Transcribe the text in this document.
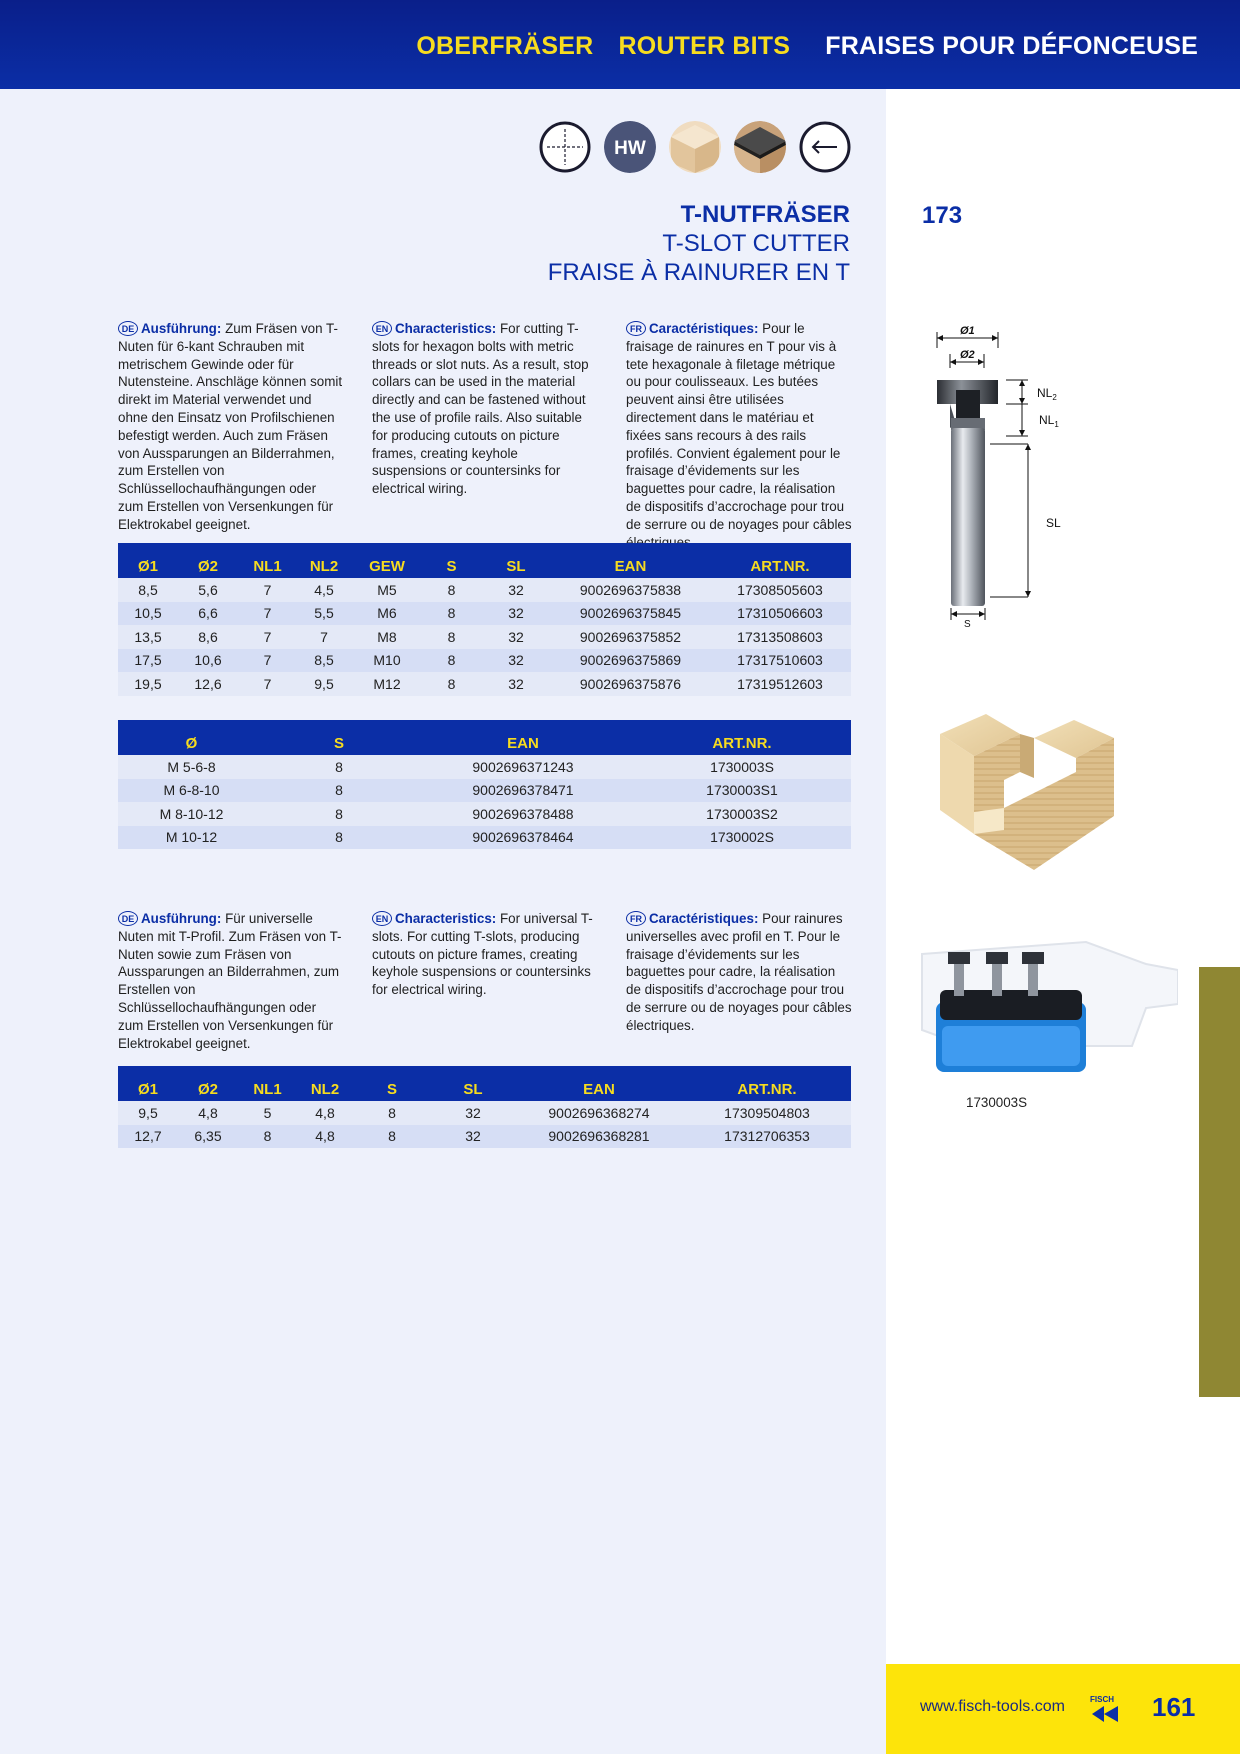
OBERFRÄSER ROUTER BITS FRAISES POUR DÉFONCEUSE
HW
T-NUTFRÄSER
T-SLOT CUTTER
FRAISE À RAINURER EN T
173
DE Ausführung: Zum Fräsen von T-Nuten für 6-kant Schrauben mit metrischem Gewinde oder für Nutensteine. Anschläge können somit direkt im Material verwendet und ohne den Einsatz von Profilschienen befestigt werden. Auch zum Fräsen von Aussparungen an Bilderrahmen, zum Erstellen von Schlüssellochaufhängungen oder zum Erstellen von Versenkungen für Elektrokabel geeignet.
EN Characteristics: For cutting T-slots for hexagon bolts with metric threads or slot nuts. As a result, stop collars can be used in the material directly and can be fastened without the use of profile rails. Also suitable for producing cutouts on picture frames, creating keyhole suspensions or countersinks for electrical wiring.
FR Caractéristiques: Pour le fraisage de rainures en T pour vis à tete hexagonale à filetage métrique ou pour coulisseaux. Les butées peuvent ainsi être utilisées directement dans le matériau et fixées sans recours à des rails profilés. Convient également pour le fraisage d’évidements sur les baguettes pour cadre, la réalisation de dispositifs d’accrochage pour trou de serrure ou de noyages pour câbles
Ø1	Ø2	NL1	NL2	GEW	S	SL	EAN	ART.NR.
8,5	5,6	7	4,5	M5	8	32	9002696375838	17308505603
10,5	6,6	7	5,5	M6	8	32	9002696375845	17310506603
13,5	8,6	7	7	M8	8	32	9002696375852	17313508603
17,5	10,6	7	8,5	M10	8	32	9002696375869	17317510603
19,5	12,6	7	9,5	M12	8	32	9002696375876	17319512603
Ø	S	EAN	ART.NR.
M 5-6-8	8	9002696371243	1730003S
M 6-8-10	8	9002696378471	1730003S1
M 8-10-12	8	9002696378488	1730003S2
M 10-12	8	9002696378464	1730002S
DE Ausführung: Für universelle Nuten mit T-Profil. Zum Fräsen von T-Nuten sowie zum Fräsen von Aussparungen an Bilderrahmen, zum Erstellen von Schlüssellochaufhängungen oder zum Erstellen von Versenkungen für Elektrokabel geeignet.
EN Characteristics: For universal T-slots. For cutting T-slots, producing cutouts on picture frames, creating keyhole suspensions or countersinks for electrical wiring.
FR Caractéristiques: Pour rainures universelles avec profil en T. Pour le fraisage d’évidements sur les baguettes pour cadre, la réalisation de dispositifs d’accrochage pour trou de serrure ou de noyages pour câbles électriques.
Ø1	Ø2	NL1	NL2	S	SL	EAN	ART.NR.
9,5	4,8	5	4,8	8	32	9002696368274	17309504803
12,7	6,35	8	4,8	8	32	9002696368281	17312706353
Ø1
Ø2
$NL_2$
$NL_1$
SL
S
1730003S
www.fisch-tools.com	FISCH 161
